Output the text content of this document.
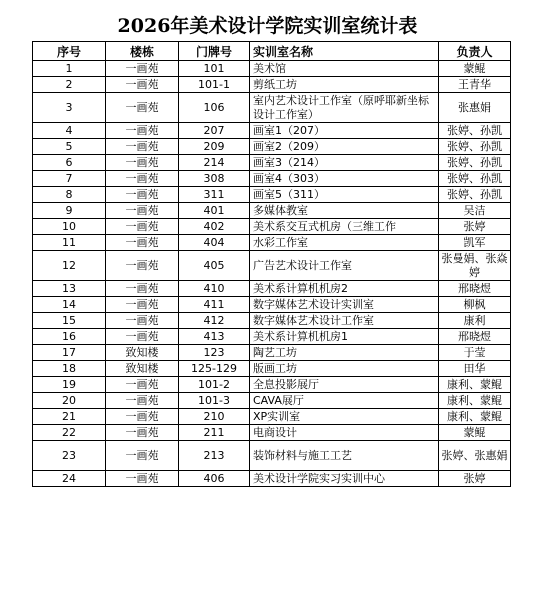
2026年美术设计学院实训室统计表
序号	楼栋	门牌号	实训室名称	负责人
1	一画苑	101	美术馆	蒙鲲
2	一画苑	101-1	剪纸工坊	王青华
3	一画苑	106	室内艺术设计工作室（原呼耶新坐标设计工作室）	张惠娟
4	一画苑	207	画室1（207）	张婷、孙凯
5	一画苑	209	画室2（209）	张婷、孙凯
6	一画苑	214	画室3（214）	张婷、孙凯
7	一画苑	308	画室4（303）	张婷、孙凯
8	一画苑	311	画室5（311）	张婷、孙凯
9	一画苑	401	多媒体教室	吴洁
10	一画苑	402	美术系交互式机房（三维工作	张婷
11	一画苑	404	水彩工作室	凯军
12	一画苑	405	广告艺术设计工作室	张曼娟、张焱婷
13	一画苑	410	美术系计算机机房2	邢晓煜
14	一画苑	411	数字媒体艺术设计实训室	柳枫
15	一画苑	412	数字媒体艺术设计工作室	康利
16	一画苑	413	美术系计算机机房1	邢晓煜
17	致知楼	123	陶艺工坊	于莹
18	致知楼	125-129	版画工坊	田华
19	一画苑	101-2	全息投影展厅	康利、蒙鲲
20	一画苑	101-3	CAVA展厅	康利、蒙鲲
21	一画苑	210	XP实训室	康利、蒙鲲
22	一画苑	211	电商设计	蒙鲲
23	一画苑	213	装饰材料与施工工艺	张婷、张惠娟
24	一画苑	406	美术设计学院实习实训中心	张婷
